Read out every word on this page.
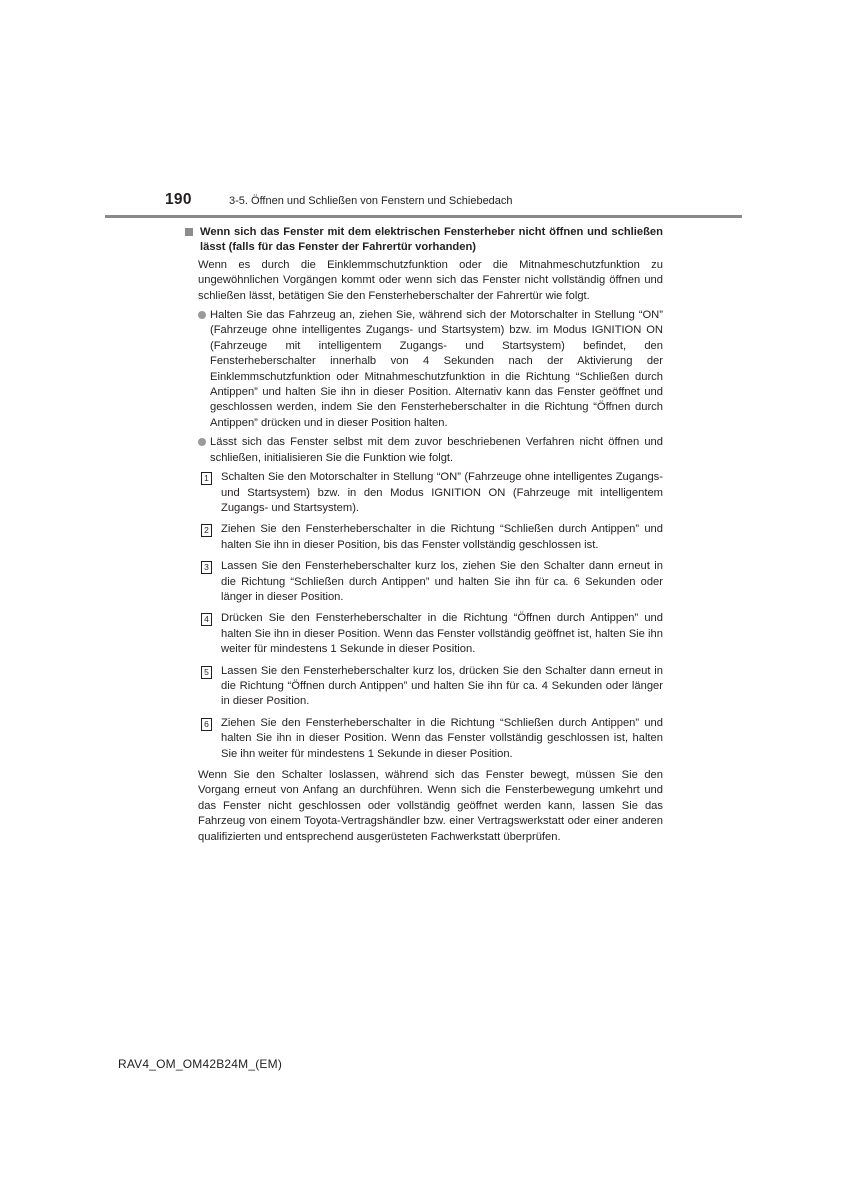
190	3-5. Öffnen und Schließen von Fenstern und Schiebedach
Wenn sich das Fenster mit dem elektrischen Fensterheber nicht öffnen und schließen lässt (falls für das Fenster der Fahrertür vorhanden)

Wenn es durch die Einklemmschutzfunktion oder die Mitnahmeschutzfunktion zu ungewöhnlichen Vorgängen kommt oder wenn sich das Fenster nicht vollständig öffnen und schließen lässt, betätigen Sie den Fensterheberschalter der Fahrertür wie folgt.

Halten Sie das Fahrzeug an, ziehen Sie, während sich der Motorschalter in Stellung “ON” (Fahrzeuge ohne intelligentes Zugangs- und Startsystem) bzw. im Modus IGNITION ON (Fahrzeuge mit intelligentem Zugangs- und Startsystem) befindet, den Fensterheberschalter innerhalb von 4 Sekunden nach der Aktivierung der Einklemmschutzfunktion oder Mitnahmeschutzfunktion in die Richtung “Schließen durch Antippen” und halten Sie ihn in dieser Position. Alternativ kann das Fenster geöffnet und geschlossen werden, indem Sie den Fensterheberschalter in die Richtung “Öffnen durch Antippen” drücken und in dieser Position halten.
Lässt sich das Fenster selbst mit dem zuvor beschriebenen Verfahren nicht öffnen und schließen, initialisieren Sie die Funktion wie folgt.
1 Schalten Sie den Motorschalter in Stellung “ON” (Fahrzeuge ohne intelligentes Zugangs- und Startsystem) bzw. in den Modus IGNITION ON (Fahrzeuge mit intelligentem Zugangs- und Startsystem).
2 Ziehen Sie den Fensterheberschalter in die Richtung “Schließen durch Antippen” und halten Sie ihn in dieser Position, bis das Fenster vollständig geschlossen ist.
3 Lassen Sie den Fensterheberschalter kurz los, ziehen Sie den Schalter dann erneut in die Richtung “Schließen durch Antippen” und halten Sie ihn für ca. 6 Sekunden oder länger in dieser Position.
4 Drücken Sie den Fensterheberschalter in die Richtung “Öffnen durch Antippen” und halten Sie ihn in dieser Position. Wenn das Fenster vollständig geöffnet ist, halten Sie ihn weiter für mindestens 1 Sekunde in dieser Position.
5 Lassen Sie den Fensterheberschalter kurz los, drücken Sie den Schalter dann erneut in die Richtung “Öffnen durch Antippen” und halten Sie ihn für ca. 4 Sekunden oder länger in dieser Position.
6 Ziehen Sie den Fensterheberschalter in die Richtung “Schließen durch Antippen” und halten Sie ihn in dieser Position. Wenn das Fenster vollständig geschlossen ist, halten Sie ihn weiter für mindestens 1 Sekunde in dieser Position.

Wenn Sie den Schalter loslassen, während sich das Fenster bewegt, müssen Sie den Vorgang erneut von Anfang an durchführen. Wenn sich die Fensterbewegung umkehrt und das Fenster nicht geschlossen oder vollständig geöffnet werden kann, lassen Sie das Fahrzeug von einem Toyota-Vertragshändler bzw. einer Vertragswerkstatt oder einer anderen qualifizierten und entsprechend ausgerüsteten Fachwerkstatt überprüfen.

RAV4_OM_OM42B24M_(EM)
